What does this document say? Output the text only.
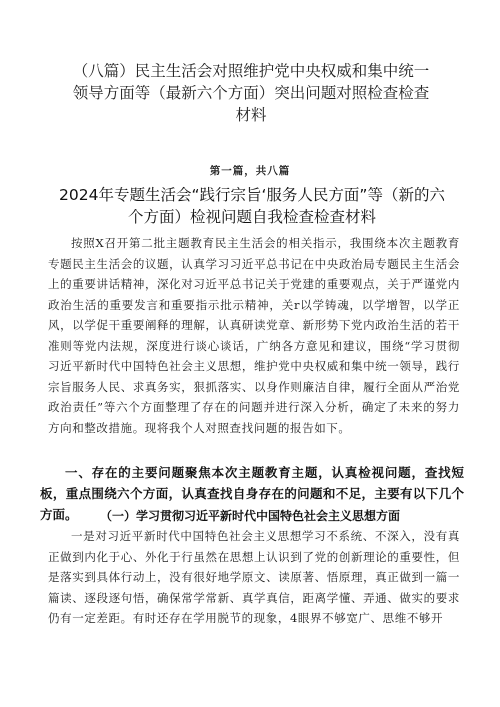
（八篇）民主生活会对照维护党中央权威和集中统一领导方面等（最新六个方面）突出问题对照检查检查材料
第一篇，共八篇
2024年专题生活会“践行宗旨‘服务人民方面”等（新的六个方面）检视问题自我检查检查材料

按照X召开第二批主题教育民主生活会的相关指示，我围绕本次主题教育专题民主生活会的议题，认真学习习近平总书记在中央政治局专题民主生活会上的重要讲话精神，深化对习近平总书记关于党建的重要观点，关于严谨党内政治生活的重要发言和重要指示批示精神，关r以学铸魂，以学增智，以学正风，以学促干重要阐释的理解，认真研读党章、新形势下党内政治生活的若干准则等党内法规，深度进行谈心谈话，广纳各方意见和建议，围绕“学习贯彻习近平新时代中国特色社会主义思想，维护党中央权威和集中统一领导，践行宗旨服务人民、求真务实，狠抓落实、以身作则廉洁自律，履行全面从严治党政治责任”等六个方面整理了存在的问题并进行深入分析，确定了未来的努力方向和整改措施。现将我个人对照查找问题的报告如下。

一、存在的主要问题聚焦本次主题教育主题，认真检视问题，查找短板，重点围绕六个方面，认真查找自身存在的问题和不足，主要有以下几个方面。	（一）学习贯彻习近平新时代中国特色社会主义思想方面

一是对习近平新时代中国特色社会主义思想学习不系统、不深入，没有真正做到内化于心、外化于行虽然在思想上认识到了党的创新理论的重要性，但是落实到具体行动上，没有很好地学原文、读原著、悟原理，真正做到一篇一篇读、逐段逐句悟，确保常学常新、真学真信，距离学懂、弄通、做实的要求仍有一定差距。有时还存在学用脱节的现象，4眼界不够宽广、思维不够开
